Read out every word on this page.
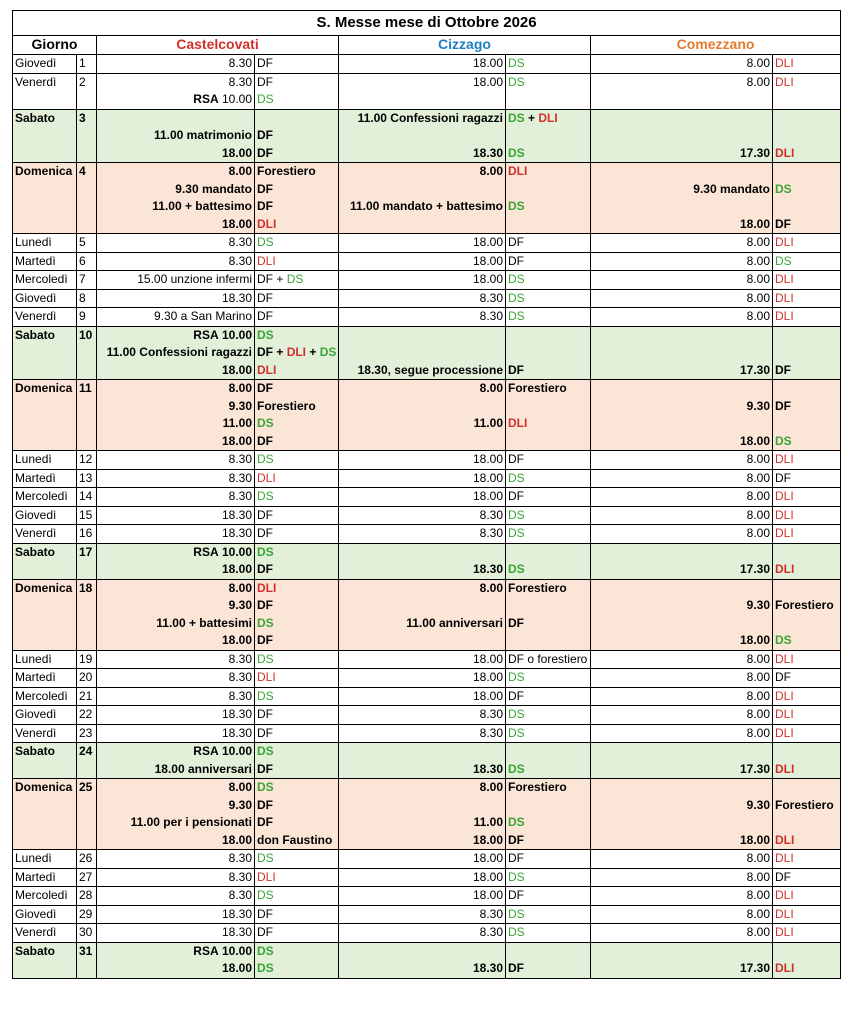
S. Messe mese di Ottobre 2026							
Giorno		Castelcovati		Cizzago		Comezzano	
Giovedì	1	8.30	DF	18.00	DS	8.00	DLI
Venerdì	2	8.30	DF	18.00	DS	8.00	DLI
		RSA 10.00	DS				
Sabato	3			11.00 Confessioni ragazzi	DS + DLI		
		11.00 matrimonio	DF				
		18.00	DF	18.30	DS	17.30	DLI
Domenica	4	8.00	Forestiero	8.00	DLI		
		9.30 mandato	DF			9.30 mandato	DS
		11.00 + battesimo	DF	11.00 mandato + battesimo	DS		
		18.00	DLI			18.00	DF
Lunedì	5	8.30	DS	18.00	DF	8.00	DLI
Martedì	6	8.30	DLI	18.00	DF	8.00	DS
Mercoledì	7	15.00 unzione infermi	DF + DS	18.00	DS	8.00	DLI
Giovedì	8	18.30	DF	8.30	DS	8.00	DLI
Venerdì	9	9.30 a San Marino	DF	8.30	DS	8.00	DLI
Sabato	10	RSA 10.00	DS				
		11.00 Confessioni ragazzi	DF + DLI + DS				
		18.00	DLI	18.30, segue processione	DF	17.30	DF
Domenica	11	8.00	DF	8.00	Forestiero		
		9.30	Forestiero			9.30	DF
		11.00	DS	11.00	DLI		
		18.00	DF			18.00	DS
Lunedì	12	8.30	DS	18.00	DF	8.00	DLI
Martedì	13	8.30	DLI	18.00	DS	8.00	DF
Mercoledì	14	8.30	DS	18.00	DF	8.00	DLI
Giovedì	15	18.30	DF	8.30	DS	8.00	DLI
Venerdì	16	18.30	DF	8.30	DS	8.00	DLI
Sabato	17	RSA 10.00	DS				
		18.00	DF	18.30	DS	17.30	DLI
Domenica	18	8.00	DLI	8.00	Forestiero		
		9.30	DF			9.30	Forestiero
		11.00 + battesimi	DS	11.00 anniversari	DF		
		18.00	DF			18.00	DS
Lunedì	19	8.30	DS	18.00	DF o forestiero	8.00	DLI
Martedì	20	8.30	DLI	18.00	DS	8.00	DF
Mercoledì	21	8.30	DS	18.00	DF	8.00	DLI
Giovedì	22	18.30	DF	8.30	DS	8.00	DLI
Venerdì	23	18.30	DF	8.30	DS	8.00	DLI
Sabato	24	RSA 10.00	DS				
		18.00 anniversari	DF	18.30	DS	17.30	DLI
Domenica	25	8.00	DS	8.00	Forestiero		
		9.30	DF			9.30	Forestiero
		11.00 per i pensionati	DF	11.00	DS		
		18.00	don Faustino	18.00	DF	18.00	DLI
Lunedì	26	8.30	DS	18.00	DF	8.00	DLI
Martedì	27	8.30	DLI	18.00	DS	8.00	DF
Mercoledì	28	8.30	DS	18.00	DF	8.00	DLI
Giovedì	29	18.30	DF	8.30	DS	8.00	DLI
Venerdì	30	18.30	DF	8.30	DS	8.00	DLI
Sabato	31	RSA 10.00	DS				
		18.00	DS	18.30	DF	17.30	DLI
